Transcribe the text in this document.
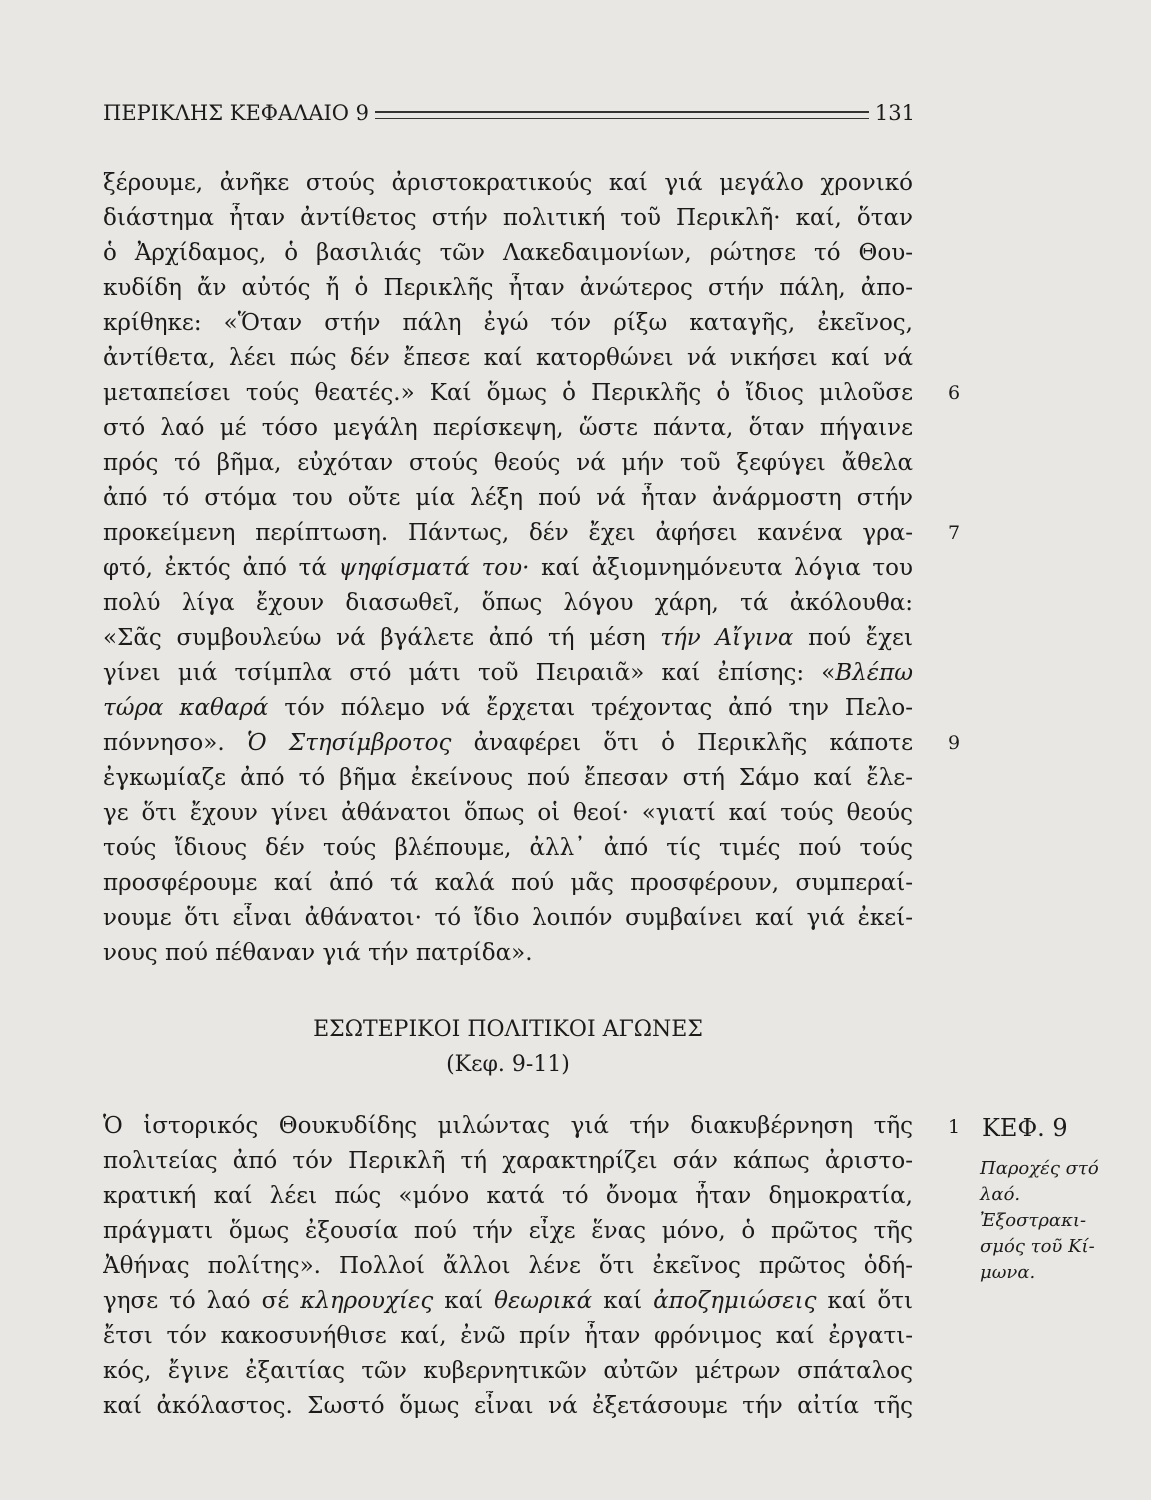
ΠΕΡΙΚΛΗΣ ΚΕΦΑΛΑΙΟ 9	131
ξέρουμε, ἀνῆκε στούς ἀριστοκρατικούς καί γιά μεγάλο χρονικό
διάστημα ἦταν ἀντίθετος στήν πολιτική τοῦ Περικλῆ· καί, ὅταν
ὁ Ἀρχίδαμος, ὁ βασιλιάς τῶν Λακεδαιμονίων, ρώτησε τό Θου-
κυδίδη ἄν αὐτός ἤ ὁ Περικλῆς ἦταν ἀνώτερος στήν πάλη, ἀπο-
κρίθηκε: «Ὅταν στήν πάλη ἐγώ τόν ρίξω καταγῆς, ἐκεῖνος,
ἀντίθετα, λέει πώς δέν ἔπεσε καί κατορθώνει νά νικήσει καί νά
μεταπείσει τούς θεατές.» Καί ὅμως ὁ Περικλῆς ὁ ἴδιος μιλοῦσε
στό λαό μέ τόσο μεγάλη περίσκεψη, ὥστε πάντα, ὅταν πήγαινε
πρός τό βῆμα, εὐχόταν στούς θεούς νά μήν τοῦ ξεφύγει ἄθελα
ἀπό τό στόμα του οὔτε μία λέξη πού νά ἦταν ἀνάρμοστη στήν
προκείμενη περίπτωση. Πάντως, δέν ἔχει ἀφήσει κανένα γρα-
φτό, ἐκτός ἀπό τά ψηφίσματά του· καί ἀξιομνημόνευτα λόγια του
πολύ λίγα ἔχουν διασωθεῖ, ὅπως λόγου χάρη, τά ἀκόλουθα:
«Σᾶς συμβουλεύω νά βγάλετε ἀπό τή μέση τήν Αἴγινα πού ἔχει
γίνει μιά τσίμπλα στό μάτι τοῦ Πειραιᾶ» καί ἐπίσης: «Βλέπω
τώρα καθαρά τόν πόλεμο νά ἔρχεται τρέχοντας ἀπό την Πελο-
πόννησο». Ὁ Στησίμβροτος ἀναφέρει ὅτι ὁ Περικλῆς κάποτε
ἐγκωμίαζε ἀπό τό βῆμα ἐκείνους πού ἔπεσαν στή Σάμο καί ἔλε-
γε ὅτι ἔχουν γίνει ἀθάνατοι ὅπως οἱ θεοί· «γιατί καί τούς θεούς
τούς ἴδιους δέν τούς βλέπουμε, ἀλλ᾽ ἀπό τίς τιμές πού τούς
προσφέρουμε καί ἀπό τά καλά πού μᾶς προσφέρουν, συμπεραί-
νουμε ὅτι εἶναι ἀθάνατοι· τό ἴδιο λοιπόν συμβαίνει καί γιά ἐκεί-
νους πού πέθαναν γιά τήν πατρίδα».
ΕΣΩΤΕΡΙΚΟΙ ΠΟΛΙΤΙΚΟΙ ΑΓΩΝΕΣ
(Κεφ. 9-11)
Ὁ ἱστορικός Θουκυδίδης μιλώντας γιά τήν διακυβέρνηση τῆς
πολιτείας ἀπό τόν Περικλῆ τή χαρακτηρίζει σάν κάπως ἀριστο-
κρατική καί λέει πώς «μόνο κατά τό ὄνομα ἦταν δημοκρατία,
πράγματι ὅμως ἐξουσία πού τήν εἶχε ἕνας μόνο, ὁ πρῶτος τῆς
Ἀθήνας πολίτης». Πολλοί ἄλλοι λένε ὅτι ἐκεῖνος πρῶτος ὁδή-
γησε τό λαό σέ κληρουχίες καί θεωρικά καί ἀποζημιώσεις καί ὅτι
ἔτσι τόν κακοσυνήθισε καί, ἐνῶ πρίν ἦταν φρόνιμος καί ἐργατι-
κός, ἔγινε ἐξαιτίας τῶν κυβερνητικῶν αὐτῶν μέτρων σπάταλος
καί ἀκόλαστος. Σωστό ὅμως εἶναι νά ἐξετάσουμε τήν αἰτία τῆς
6
7
9
1 ΚΕΦ. 9
Παροχές στό
λαό.
Ἐξοστρακι-
σμός τοῦ Κί-
μωνα.
